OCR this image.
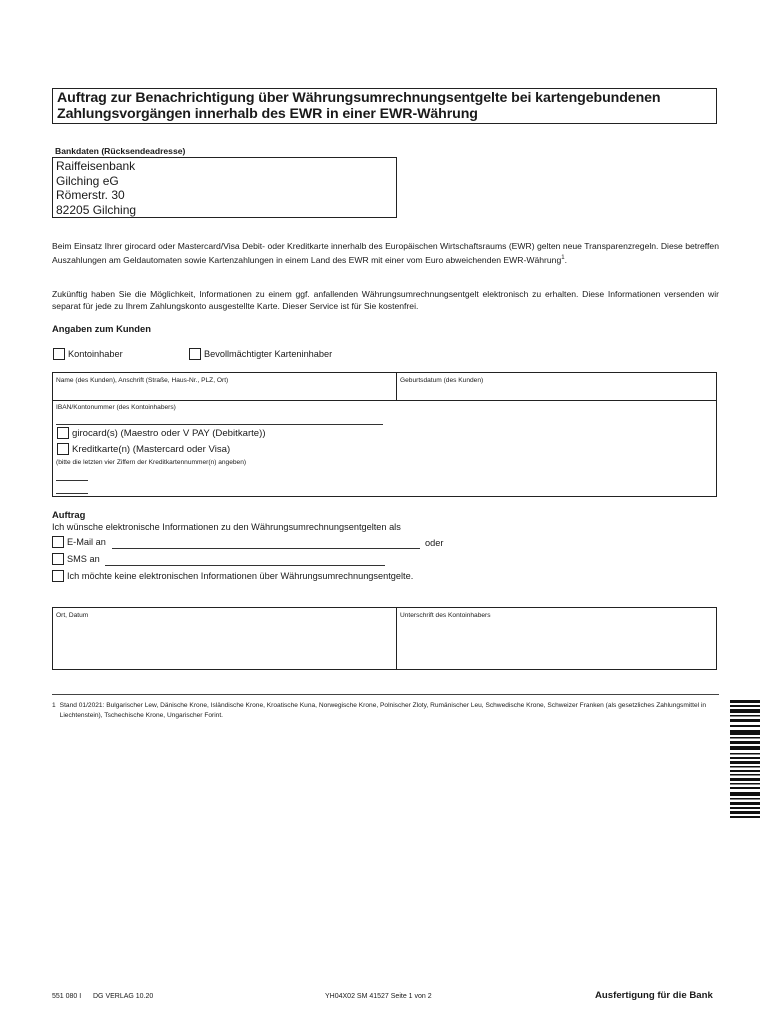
Auftrag zur Benachrichtigung über Währungsumrechnungsentgelte bei kartengebundenen
Zahlungsvorgängen innerhalb des EWR in einer EWR-Währung
Bankdaten (Rücksendeadresse)
Raiffeisenbank
Gilching eG
Römerstr. 30
82205 Gilching
Beim Einsatz Ihrer girocard oder Mastercard/Visa Debit- oder Kreditkarte innerhalb des Europäischen Wirtschaftsraums (EWR) gelten neue Transparenzregeln. Diese betreffen Auszahlungen am Geldautomaten sowie Kartenzahlungen in einem Land des EWR mit einer vom Euro abweichenden EWR-Währung$^1$.
Zukünftig haben Sie die Möglichkeit, Informationen zu einem ggf. anfallenden Währungsumrechnungsentgelt elektronisch zu erhalten. Diese Informationen versenden wir separat für jede zu Ihrem Zahlungskonto ausgestellte Karte. Dieser Service ist für Sie kostenfrei.
Angaben zum Kunden
Kontoinhaber	Bevollmächtigter Karteninhaber
Name (des Kunden), Anschrift (Straße, Haus-Nr., PLZ, Ort)	Geburtsdatum (des Kunden)
IBAN/Kontonummer (des Kontoinhabers)
girocard(s) (Maestro oder V PAY (Debitkarte))
Kreditkarte(n) (Mastercard oder Visa)
(bitte die letzten vier Ziffern der Kreditkartennummer(n) angeben)
Auftrag
Ich wünsche elektronische Informationen zu den Währungsumrechnungsentgelten als
E-Mail an	oder
SMS an
Ich möchte keine elektronischen Informationen über Währungsumrechnungsentgelte.
Ort, Datum	Unterschrift des Kontoinhabers
1 Stand 01/2021: Bulgarischer Lew, Dänische Krone, Isländische Krone, Kroatische Kuna, Norwegische Krone, Polnischer Zloty, Rumänischer Leu, Schwedische Krone, Schweizer Franken (als gesetzliches Zahlungsmittel in Liechtenstein), Tschechische Krone, Ungarischer Forint.
551 080 I DG VERLAG 10.20	YH04X02 SM 41527 Seite 1 von 2	Ausfertigung für die Bank
